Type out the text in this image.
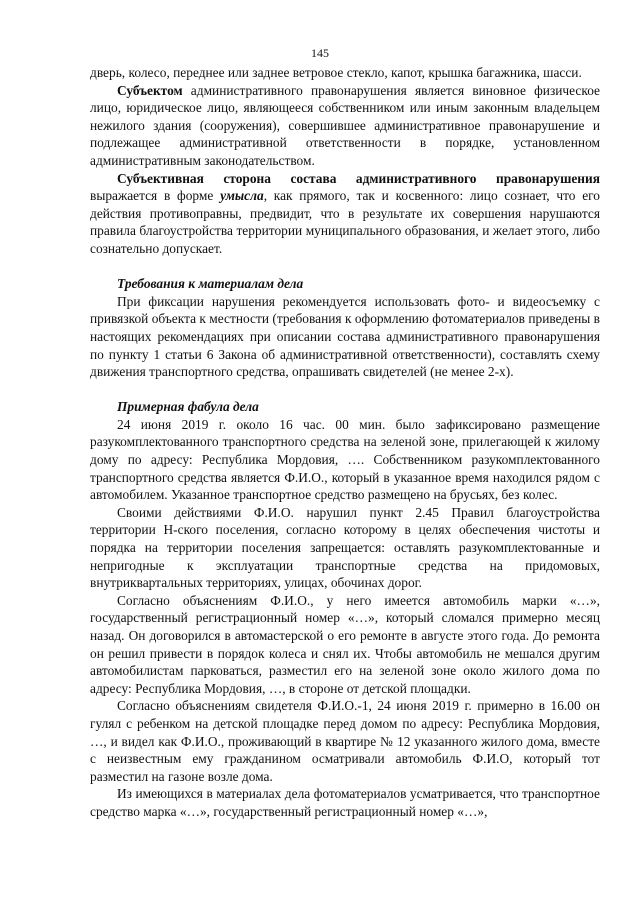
145

дверь, колесо, переднее или заднее ветровое стекло, капот, крышка багажника, шасси.

Субъектом административного правонарушения является виновное физическое лицо, юридическое лицо, являющееся собственником или иным законным владельцем нежилого здания (сооружения), совершившее административное правонарушение и подлежащее административной ответственности в порядке, установленном административным законодательством.

Субъективная сторона состава административного правонарушения выражается в форме умысла, как прямого, так и косвенного: лицо сознает, что его действия противоправны, предвидит, что в результате их совершения нарушаются правила благоустройства территории муниципального образования, и желает этого, либо сознательно допускает.

Требования к материалам дела

При фиксации нарушения рекомендуется использовать фото- и видеосъемку с привязкой объекта к местности (требования к оформлению фотоматериалов приведены в настоящих рекомендациях при описании состава административного правонарушения по пункту 1 статьи 6 Закона об административной ответственности), составлять схему движения транспортного средства, опрашивать свидетелей (не менее 2-х).

Примерная фабула дела

24 июня 2019 г. около 16 час. 00 мин. было зафиксировано размещение разукомплектованного транспортного средства на зеленой зоне, прилегающей к жилому дому по адресу: Республика Мордовия, …. Собственником разукомплектованного транспортного средства является Ф.И.О., который в указанное время находился рядом с автомобилем. Указанное транспортное средство размещено на брусьях, без колес.

Своими действиями Ф.И.О. нарушил пункт 2.45 Правил благоустройства территории Н-ского поселения, согласно которому в целях обеспечения чистоты и порядка на территории поселения запрещается: оставлять разукомплектованные и непригодные к эксплуатации транспортные средства на придомовых, внутриквартальных территориях, улицах, обочинах дорог.

Согласно объяснениям Ф.И.О., у него имеется автомобиль марки «…», государственный регистрационный номер «…», который сломался примерно месяц назад. Он договорился в автомастерской о его ремонте в августе этого года. До ремонта он решил привести в порядок колеса и снял их. Чтобы автомобиль не мешался другим автомобилистам парковаться, разместил его на зеленой зоне около жилого дома по адресу: Республика Мордовия, …, в стороне от детской площадки.

Согласно объяснениям свидетеля Ф.И.О.-1, 24 июня 2019 г. примерно в 16.00 он гулял с ребенком на детской площадке перед домом по адресу: Республика Мордовия, …, и видел как Ф.И.О., проживающий в квартире № 12 указанного жилого дома, вместе с неизвестным ему гражданином осматривали автомобиль Ф.И.О, который тот разместил на газоне возле дома.

Из имеющихся в материалах дела фотоматериалов усматривается, что транспортное средство марка «…», государственный регистрационный номер «…»,
